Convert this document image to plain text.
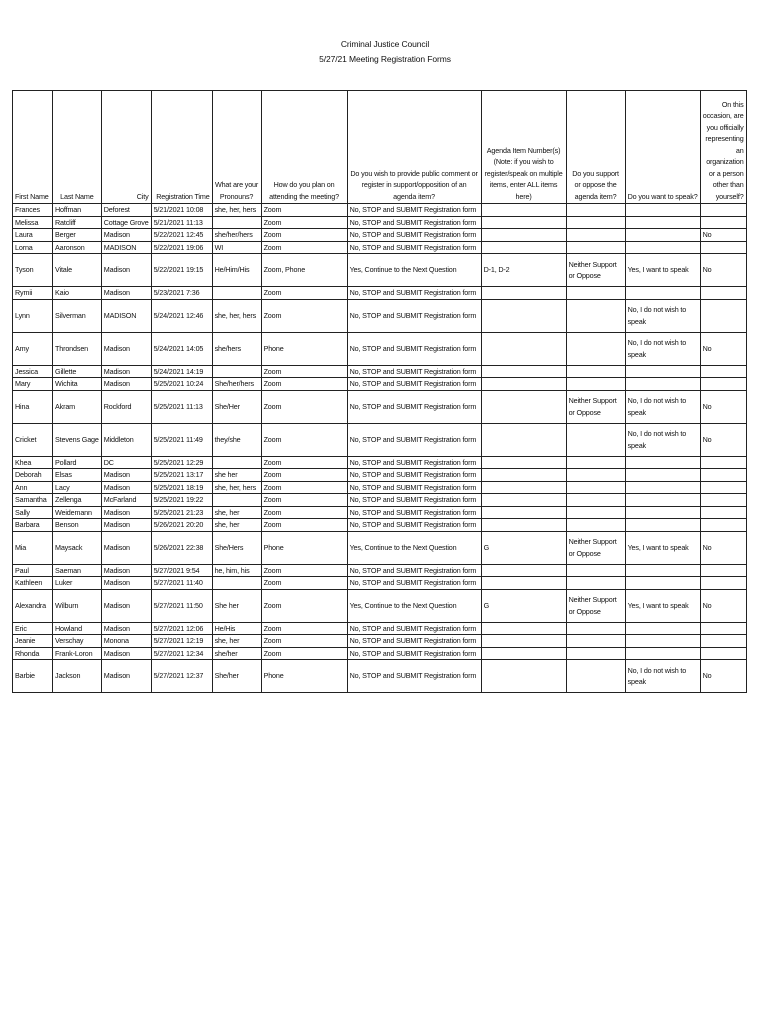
Criminal Justice Council
5/27/21 Meeting Registration Forms
First Name	Last Name	City	Registration Time	What are your Pronouns?	How do you plan on attending the meeting?	Do you wish to provide public comment or register in support/opposition of an agenda item?	Agenda Item Number(s) (Note: if you wish to register/speak on multiple items, enter ALL items here)	Do you support or oppose the agenda item?	Do you want to speak?	On this occasion, are you officially representing an organization or a person other than yourself?
Frances	Hoffman	Deforest	5/21/2021 10:08	she, her, hers	Zoom	No, STOP and SUBMIT Registration form				
Melissa	Ratcliff	Cottage Grove	5/21/2021 11:13		Zoom	No, STOP and SUBMIT Registration form				
Laura	Berger	Madison	5/22/2021 12:45	she/her/hers	Zoom	No, STOP and SUBMIT Registration form				No
Lorna	Aaronson	MADISON	5/22/2021 19:06	WI	Zoom	No, STOP and SUBMIT Registration form				
Tyson	Vitale	Madison	5/22/2021 19:15	He/Him/His	Zoom, Phone	Yes, Continue to the Next Question	D-1, D-2	Neither Support or Oppose	Yes, I want to speak	No
Rymii	Kaio	Madison	5/23/2021 7:36		Zoom	No, STOP and SUBMIT Registration form				
Lynn	Silverman	MADISON	5/24/2021 12:46	she, her, hers	Zoom	No, STOP and SUBMIT Registration form			No, I do not wish to speak	
Amy	Throndsen	Madison	5/24/2021 14:05	she/hers	Phone	No, STOP and SUBMIT Registration form			No, I do not wish to speak	No
Jessica	Gillette	Madison	5/24/2021 14:19		Zoom	No, STOP and SUBMIT Registration form				
Mary	Wichita	Madison	5/25/2021 10:24	She/her/hers	Zoom	No, STOP and SUBMIT Registration form				
Hina	Akram	Rockford	5/25/2021 11:13	She/Her	Zoom	No, STOP and SUBMIT Registration form		Neither Support or Oppose	No, I do not wish to speak	No
Cricket	Stevens Gage	Middleton	5/25/2021 11:49	they/she	Zoom	No, STOP and SUBMIT Registration form			No, I do not wish to speak	No
Khea	Pollard	DC	5/25/2021 12:29		Zoom	No, STOP and SUBMIT Registration form				
Deborah	Elsas	Madison	5/25/2021 13:17	she her	Zoom	No, STOP and SUBMIT Registration form				
Ann	Lacy	Madison	5/25/2021 18:19	she, her, hers	Zoom	No, STOP and SUBMIT Registration form				
Samantha	Zellenga	McFarland	5/25/2021 19:22		Zoom	No, STOP and SUBMIT Registration form				
Sally	Weidemann	Madison	5/25/2021 21:23	she, her	Zoom	No, STOP and SUBMIT Registration form				
Barbara	Benson	Madison	5/26/2021 20:20	she, her	Zoom	No, STOP and SUBMIT Registration form				
Mia	Maysack	Madison	5/26/2021 22:38	She/Hers	Phone	Yes, Continue to the Next Question	G	Neither Support or Oppose	Yes, I want to speak	No
Paul	Saeman	Madison	5/27/2021 9:54	he, him, his	Zoom	No, STOP and SUBMIT Registration form				
Kathleen	Luker	Madison	5/27/2021 11:40		Zoom	No, STOP and SUBMIT Registration form				
Alexandra	Wilburn	Madison	5/27/2021 11:50	She her	Zoom	Yes, Continue to the Next Question	G	Neither Support or Oppose	Yes, I want to speak	No
Eric	Howland	Madison	5/27/2021 12:06	He/His	Zoom	No, STOP and SUBMIT Registration form				
Jeanie	Verschay	Monona	5/27/2021 12:19	she, her	Zoom	No, STOP and SUBMIT Registration form				
Rhonda	Frank-Loron	Madison	5/27/2021 12:34	she/her	Zoom	No, STOP and SUBMIT Registration form				
Barbie	Jackson	Madison	5/27/2021 12:37	She/her	Phone	No, STOP and SUBMIT Registration form			No, I do not wish to speak	No
